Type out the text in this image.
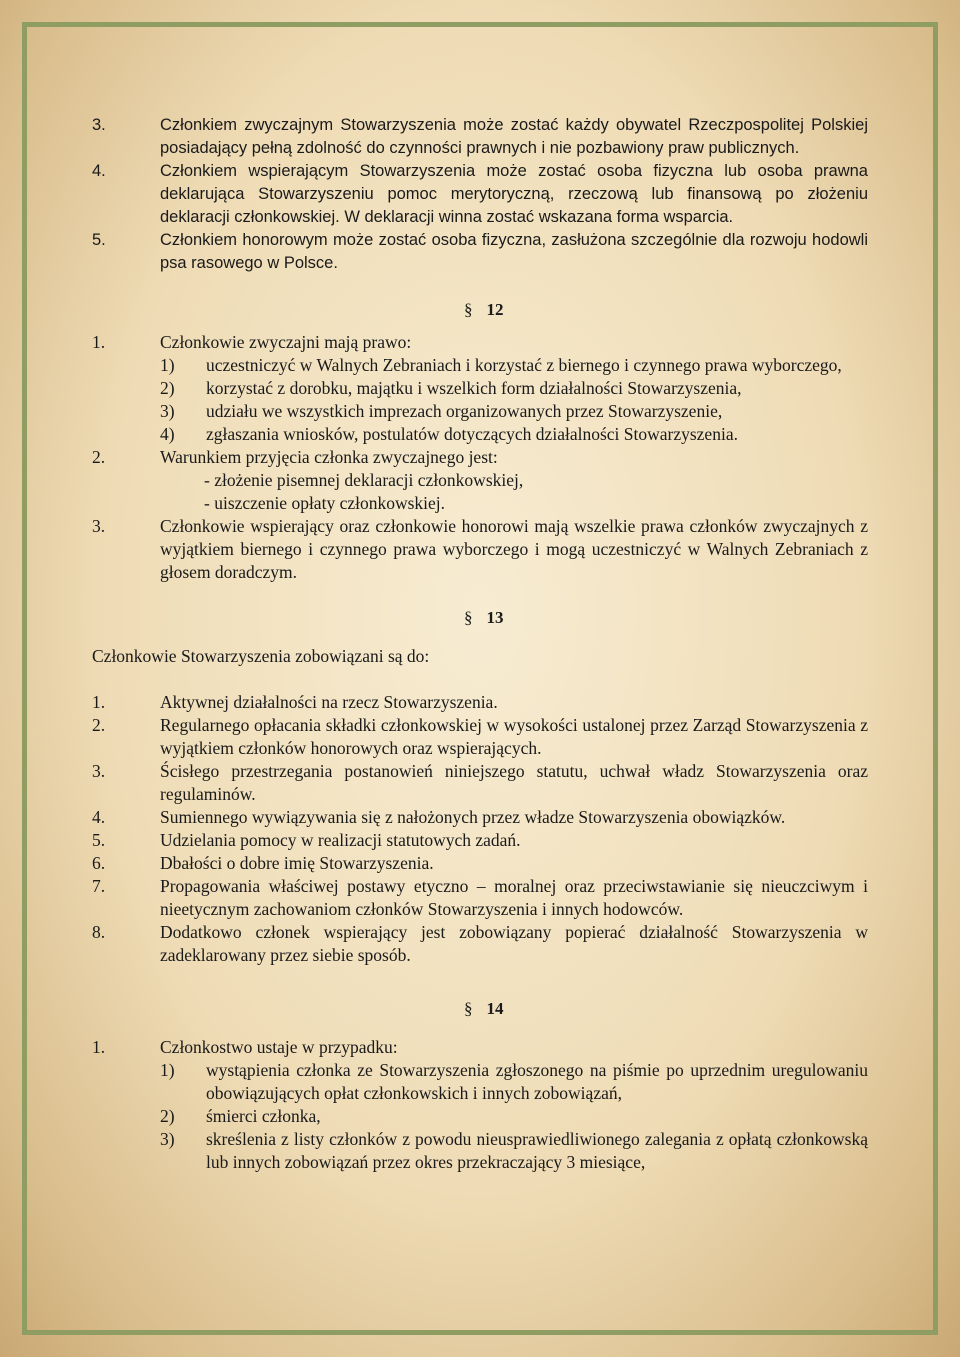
3.	Członkiem zwyczajnym Stowarzyszenia może zostać każdy obywatel Rzeczpospolitej Polskiej posiadający pełną zdolność do czynności prawnych i nie pozbawiony praw publicznych.
4.	Członkiem wspierającym Stowarzyszenia może zostać osoba fizyczna lub osoba prawna deklarująca Stowarzyszeniu pomoc merytoryczną, rzeczową lub finansową po złożeniu deklaracji członkowskiej. W deklaracji winna zostać wskazana forma wsparcia.
5.	Członkiem honorowym może zostać osoba fizyczna, zasłużona szczególnie dla rozwoju hodowli psa rasowego w Polsce.
§ 12
1.	Członkowie zwyczajni mają prawo:
1) uczestniczyć w Walnych Zebraniach i korzystać z biernego i czynnego prawa wyborczego,
2) korzystać z dorobku, majątku i wszelkich form działalności Stowarzyszenia,
3) udziału we wszystkich imprezach organizowanych przez Stowarzyszenie,
4) zgłaszania wniosków, postulatów dotyczących działalności Stowarzyszenia.
2.	Warunkiem przyjęcia członka zwyczajnego jest:
- złożenie pisemnej deklaracji członkowskiej,
- uiszczenie opłaty członkowskiej.
3.	Członkowie wspierający oraz członkowie honorowi mają wszelkie prawa członków zwyczajnych z wyjątkiem biernego i czynnego prawa wyborczego i mogą uczestniczyć w Walnych Zebraniach z głosem doradczym.
§ 13
Członkowie Stowarzyszenia zobowiązani są do:
1.	Aktywnej działalności na rzecz Stowarzyszenia.
2.	Regularnego opłacania składki członkowskiej w wysokości ustalonej przez Zarząd Stowarzyszenia z wyjątkiem członków honorowych oraz wspierających.
3.	Ścisłego przestrzegania postanowień niniejszego statutu, uchwał władz Stowarzyszenia oraz regulaminów.
4.	Sumiennego wywiązywania się z nałożonych przez władze Stowarzyszenia obowiązków.
5.	Udzielania pomocy w realizacji statutowych zadań.
6.	Dbałości o dobre imię Stowarzyszenia.
7.	Propagowania właściwej postawy etyczno – moralnej oraz przeciwstawianie się nieuczciwym i nieetycznym zachowaniom członków Stowarzyszenia i innych hodowców.
8.	Dodatkowo członek wspierający jest zobowiązany popierać działalność Stowarzyszenia w zadeklarowany przez siebie sposób.
§ 14
1.	Członkostwo ustaje w przypadku:
1) wystąpienia członka ze Stowarzyszenia zgłoszonego na piśmie po uprzednim uregulowaniu obowiązujących opłat członkowskich i innych zobowiązań,
2) śmierci członka,
3) skreślenia z listy członków z powodu nieusprawiedliwionego zalegania z opłatą członkowską lub innych zobowiązań przez okres przekraczający 3 miesiące,
